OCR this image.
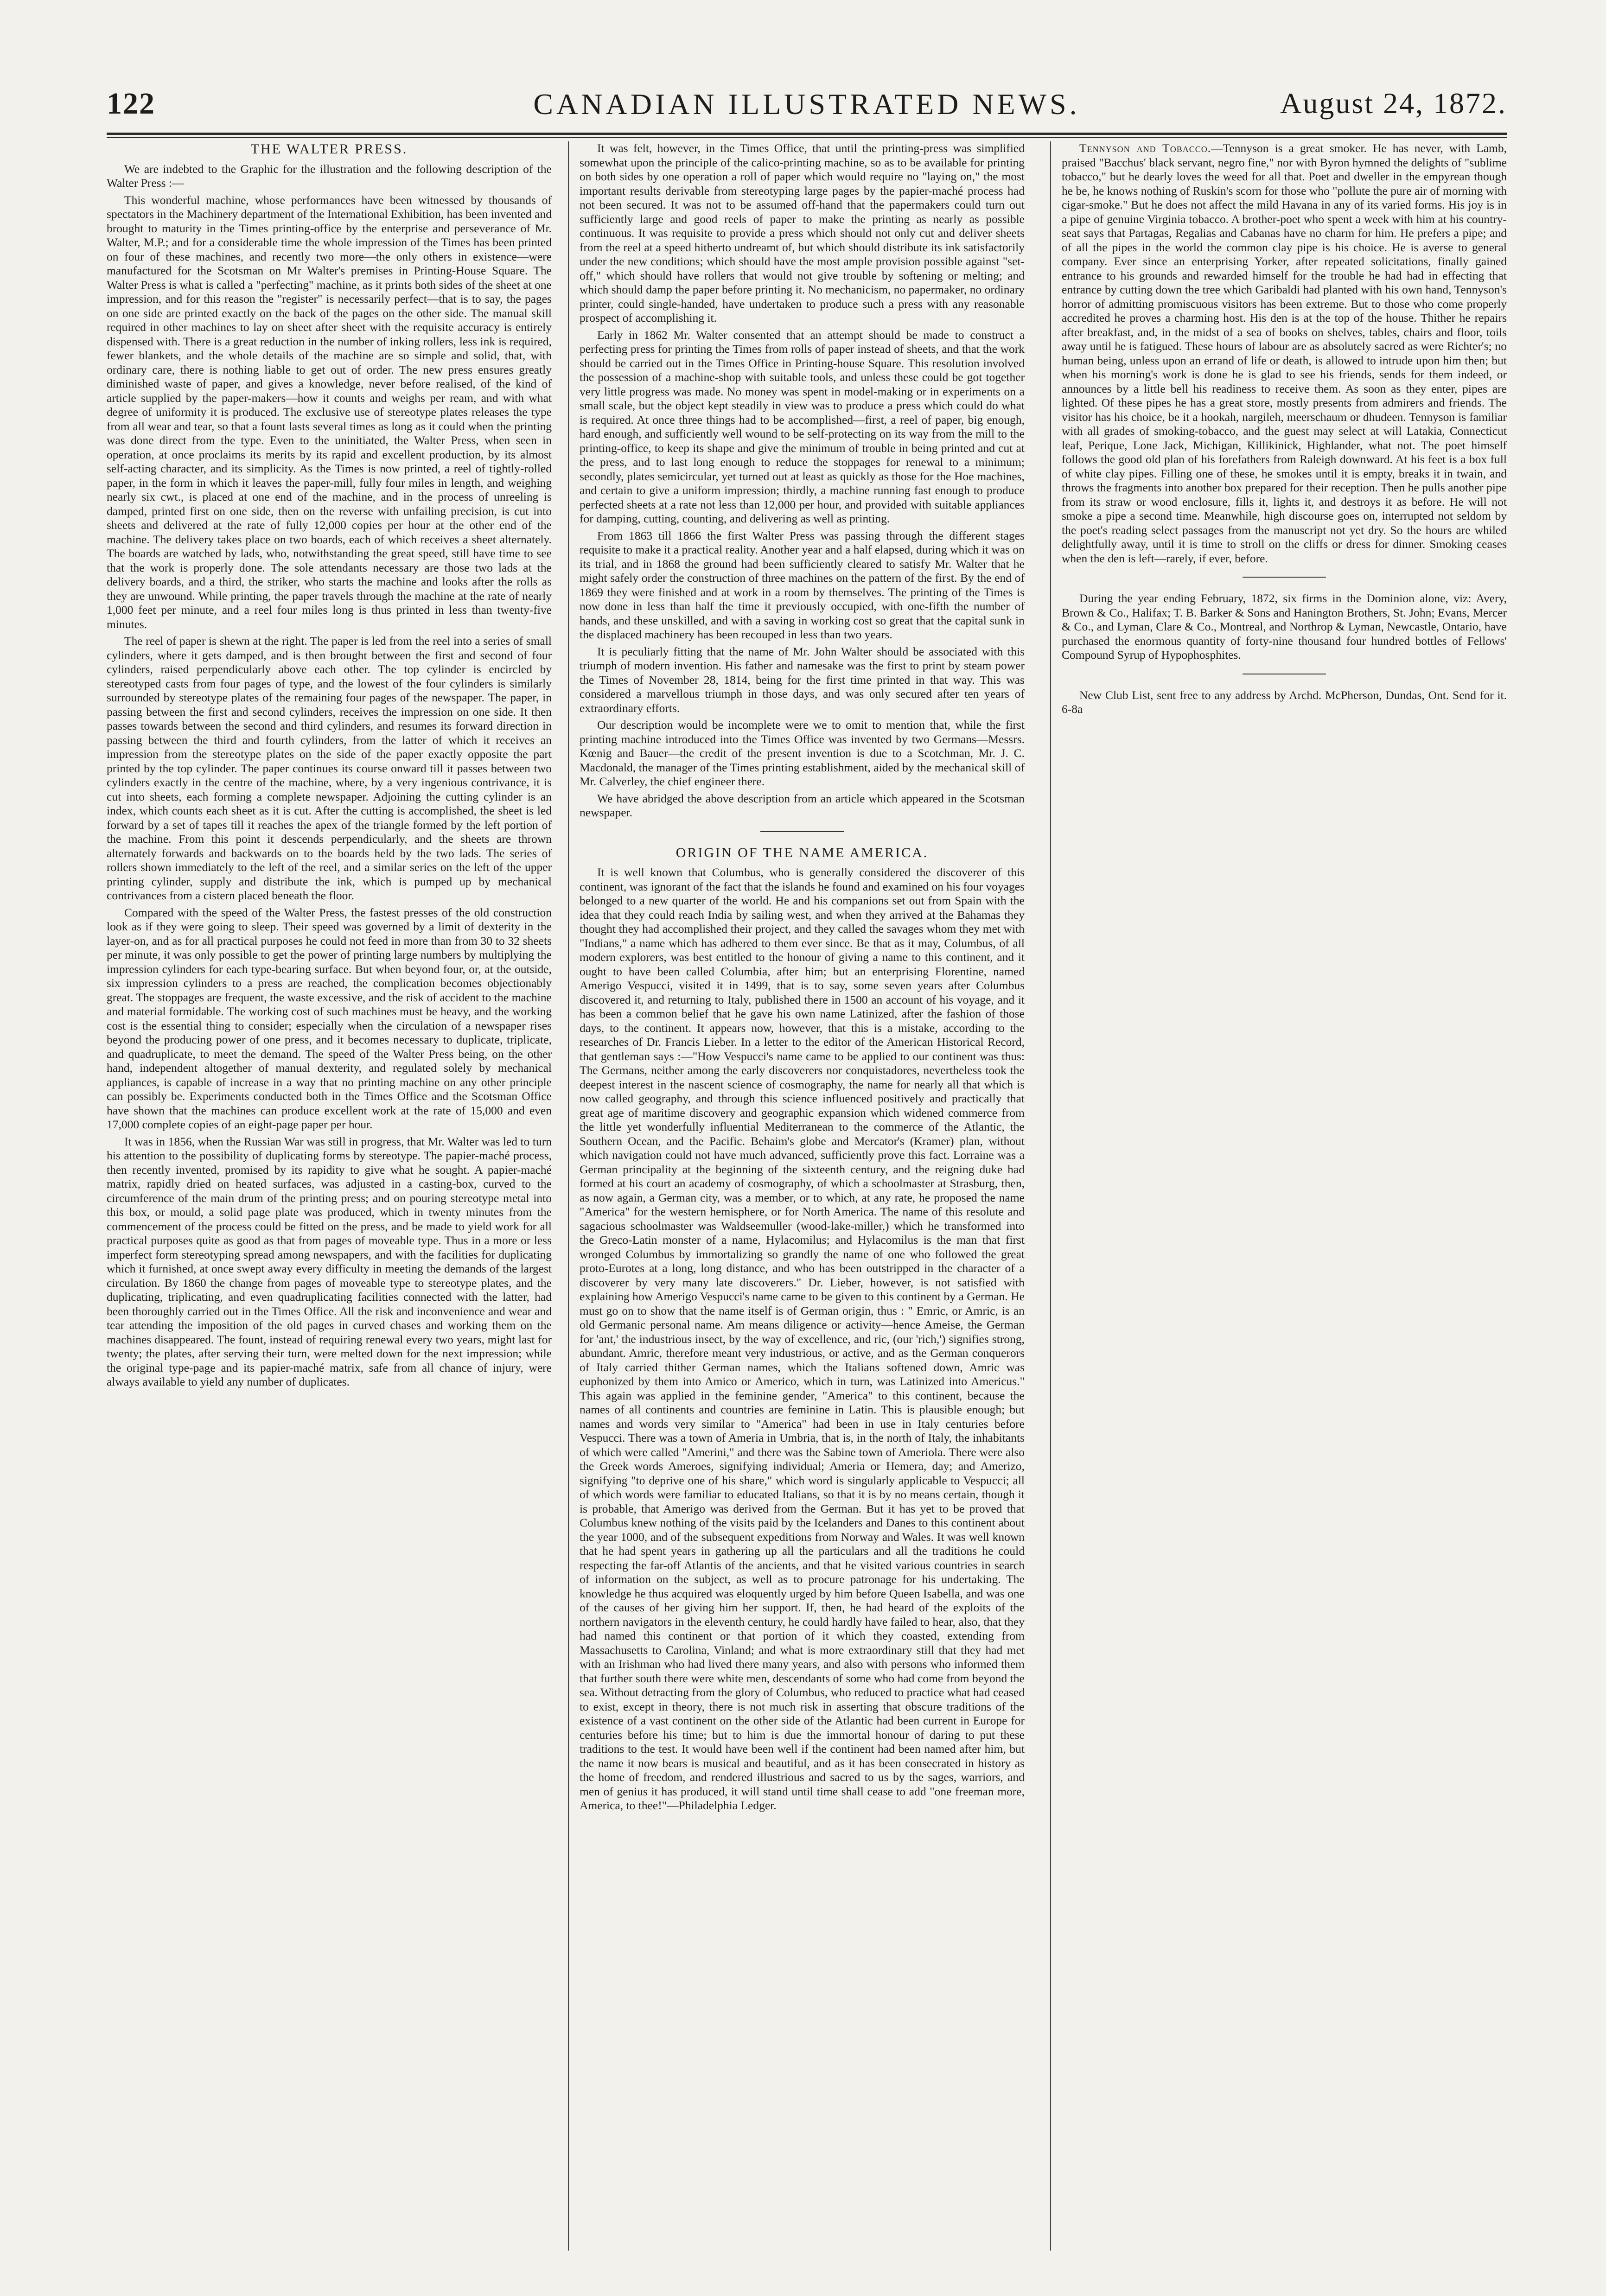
122	CANADIAN ILLUSTRATED NEWS.	August 24, 1872.
THE WALTER PRESS.

We are indebted to the Graphic for the illustration and the following description of the Walter Press :—

This wonderful machine, whose performances have been witnessed by thousands of spectators in the Machinery department of the International Exhibition, has been invented and brought to maturity in the Times printing-office by the enterprise and perseverance of Mr. Walter, M.P.; and for a considerable time the whole impression of the Times has been printed on four of these machines, and recently two more—the only others in existence—were manufactured for the Scotsman on Mr Walter's premises in Printing-House Square. The Walter Press is what is called a "perfecting" machine, as it prints both sides of the sheet at one impression, and for this reason the "register" is necessarily perfect—that is to say, the pages on one side are printed exactly on the back of the pages on the other side. The manual skill required in other machines to lay on sheet after sheet with the requisite accuracy is entirely dispensed with. There is a great reduction in the number of inking rollers, less ink is required, fewer blankets, and the whole details of the machine are so simple and solid, that, with ordinary care, there is nothing liable to get out of order. The new press ensures greatly diminished waste of paper, and gives a knowledge, never before realised, of the kind of article supplied by the paper-makers—how it counts and weighs per ream, and with what degree of uniformity it is produced. The exclusive use of stereotype plates releases the type from all wear and tear, so that a fount lasts several times as long as it could when the printing was done direct from the type. Even to the uninitiated, the Walter Press, when seen in operation, at once proclaims its merits by its rapid and excellent production, by its almost self-acting character, and its simplicity. As the Times is now printed, a reel of tightly-rolled paper, in the form in which it leaves the paper-mill, fully four miles in length, and weighing nearly six cwt., is placed at one end of the machine, and in the process of unreeling is damped, printed first on one side, then on the reverse with unfailing precision, is cut into sheets and delivered at the rate of fully 12,000 copies per hour at the other end of the machine. The delivery takes place on two boards, each of which receives a sheet alternately. The boards are watched by lads, who, notwithstanding the great speed, still have time to see that the work is properly done. The sole attendants necessary are those two lads at the delivery boards, and a third, the striker, who starts the machine and looks after the rolls as they are unwound. While printing, the paper travels through the machine at the rate of nearly 1,000 feet per minute, and a reel four miles long is thus printed in less than twenty-five minutes.

The reel of paper is shewn at the right. The paper is led from the reel into a series of small cylinders, where it gets damped, and is then brought between the first and second of four cylinders, raised perpendicularly above each other. The top cylinder is encircled by stereotyped casts from four pages of type, and the lowest of the four cylinders is similarly surrounded by stereotype plates of the remaining four pages of the newspaper. The paper, in passing between the first and second cylinders, receives the impression on one side. It then passes towards between the second and third cylinders, and resumes its forward direction in passing between the third and fourth cylinders, from the latter of which it receives an impression from the stereotype plates on the side of the paper exactly opposite the part printed by the top cylinder. The paper continues its course onward till it passes between two cylinders exactly in the centre of the machine, where, by a very ingenious contrivance, it is cut into sheets, each forming a complete newspaper. Adjoining the cutting cylinder is an index, which counts each sheet as it is cut. After the cutting is accomplished, the sheet is led forward by a set of tapes till it reaches the apex of the triangle formed by the left portion of the machine. From this point it descends perpendicularly, and the sheets are thrown alternately forwards and backwards on to the boards held by the two lads. The series of rollers shown immediately to the left of the reel, and a similar series on the left of the upper printing cylinder, supply and distribute the ink, which is pumped up by mechanical contrivances from a cistern placed beneath the floor.

Compared with the speed of the Walter Press, the fastest presses of the old construction look as if they were going to sleep. Their speed was governed by a limit of dexterity in the layer-on, and as for all practical purposes he could not feed in more than from 30 to 32 sheets per minute, it was only possible to get the power of printing large numbers by multiplying the impression cylinders for each type-bearing surface. But when beyond four, or, at the outside, six impression cylinders to a press are reached, the complication becomes objectionably great. The stoppages are frequent, the waste excessive, and the risk of accident to the machine and material formidable. The working cost of such machines must be heavy, and the working cost is the essential thing to consider; especially when the circulation of a newspaper rises beyond the producing power of one press, and it becomes necessary to duplicate, triplicate, and quadruplicate, to meet the demand. The speed of the Walter Press being, on the other hand, independent altogether of manual dexterity, and regulated solely by mechanical appliances, is capable of increase in a way that no printing machine on any other principle can possibly be. Experiments conducted both in the Times Office and the Scotsman Office have shown that the machines can produce excellent work at the rate of 15,000 and even 17,000 complete copies of an eight-page paper per hour.

It was in 1856, when the Russian War was still in progress, that Mr. Walter was led to turn his attention to the possibility of duplicating forms by stereotype. The papier-maché process, then recently invented, promised by its rapidity to give what he sought. A papier-maché matrix, rapidly dried on heated surfaces, was adjusted in a casting-box, curved to the circumference of the main drum of the printing press; and on pouring stereotype metal into this box, or mould, a solid page plate was produced, which in twenty minutes from the commencement of the process could be fitted on the press, and be made to yield work for all practical purposes quite as good as that from pages of moveable type. Thus in a more or less imperfect form stereotyping spread among newspapers, and with the facilities for duplicating which it furnished, at once swept away every difficulty in meeting the demands of the largest circulation. By 1860 the change from pages of moveable type to stereotype plates, and the duplicating, triplicating, and even quadruplicating facilities connected with the latter, had been thoroughly carried out in the Times Office. All the risk and inconvenience and wear and tear attending the imposition of the old pages in curved chases and working them on the machines disappeared. The fount, instead of requiring renewal every two years, might last for twenty; the plates, after serving their turn, were melted down for the next impression; while the original type-page and its papier-maché matrix, safe from all chance of injury, were always available to yield any number of duplicates.

It was felt, however, in the Times Office, that until the printing-press was simplified somewhat upon the principle of the calico-printing machine, so as to be available for printing on both sides by one operation a roll of paper which would require no "laying on," the most important results derivable from stereotyping large pages by the papier-maché process had not been secured. It was not to be assumed off-hand that the papermakers could turn out sufficiently large and good reels of paper to make the printing as nearly as possible continuous. It was requisite to provide a press which should not only cut and deliver sheets from the reel at a speed hitherto undreamt of, but which should distribute its ink satisfactorily under the new conditions; which should have the most ample provision possible against "set-off," which should have rollers that would not give trouble by softening or melting; and which should damp the paper before printing it. No mechanicism, no papermaker, no ordinary printer, could single-handed, have undertaken to produce such a press with any reasonable prospect of accomplishing it.

Early in 1862 Mr. Walter consented that an attempt should be made to construct a perfecting press for printing the Times from rolls of paper instead of sheets, and that the work should be carried out in the Times Office in Printing-house Square. This resolution involved the possession of a machine-shop with suitable tools, and unless these could be got together very little progress was made. No money was spent in model-making or in experiments on a small scale, but the object kept steadily in view was to produce a press which could do what is required. At once three things had to be accomplished—first, a reel of paper, big enough, hard enough, and sufficiently well wound to be self-protecting on its way from the mill to the printing-office, to keep its shape and give the minimum of trouble in being printed and cut at the press, and to last long enough to reduce the stoppages for renewal to a minimum; secondly, plates semicircular, yet turned out at least as quickly as those for the Hoe machines, and certain to give a uniform impression; thirdly, a machine running fast enough to produce perfected sheets at a rate not less than 12,000 per hour, and provided with suitable appliances for damping, cutting, counting, and delivering as well as printing.

From 1863 till 1866 the first Walter Press was passing through the different stages requisite to make it a practical reality. Another year and a half elapsed, during which it was on its trial, and in 1868 the ground had been sufficiently cleared to satisfy Mr. Walter that he might safely order the construction of three machines on the pattern of the first. By the end of 1869 they were finished and at work in a room by themselves. The printing of the Times is now done in less than half the time it previously occupied, with one-fifth the number of hands, and these unskilled, and with a saving in working cost so great that the capital sunk in the displaced machinery has been recouped in less than two years.

It is peculiarly fitting that the name of Mr. John Walter should be associated with this triumph of modern invention. His father and namesake was the first to print by steam power the Times of November 28, 1814, being for the first time printed in that way. This was considered a marvellous triumph in those days, and was only secured after ten years of extraordinary efforts.

Our description would be incomplete were we to omit to mention that, while the first printing machine introduced into the Times Office was invented by two Germans—Messrs. Kœnig and Bauer—the credit of the present invention is due to a Scotchman, Mr. J. C. Macdonald, the manager of the Times printing establishment, aided by the mechanical skill of Mr. Calverley, the chief engineer there.

We have abridged the above description from an article which appeared in the Scotsman newspaper.

ORIGIN OF THE NAME AMERICA.

It is well known that Columbus, who is generally considered the discoverer of this continent, was ignorant of the fact that the islands he found and examined on his four voyages belonged to a new quarter of the world. He and his companions set out from Spain with the idea that they could reach India by sailing west, and when they arrived at the Bahamas they thought they had accomplished their project, and they called the savages whom they met with "Indians," a name which has adhered to them ever since. Be that as it may, Columbus, of all modern explorers, was best entitled to the honour of giving a name to this continent, and it ought to have been called Columbia, after him; but an enterprising Florentine, named Amerigo Vespucci, visited it in 1499, that is to say, some seven years after Columbus discovered it, and returning to Italy, published there in 1500 an account of his voyage, and it has been a common belief that he gave his own name Latinized, after the fashion of those days, to the continent. It appears now, however, that this is a mistake, according to the researches of Dr. Francis Lieber. In a letter to the editor of the American Historical Record, that gentleman says :—"How Vespucci's name came to be applied to our continent was thus: The Germans, neither among the early discoverers nor conquistadores, nevertheless took the deepest interest in the nascent science of cosmography, the name for nearly all that which is now called geography, and through this science influenced positively and practically that great age of maritime discovery and geographic expansion which widened commerce from the little yet wonderfully influential Mediterranean to the commerce of the Atlantic, the Southern Ocean, and the Pacific. Behaim's globe and Mercator's (Kramer) plan, without which navigation could not have much advanced, sufficiently prove this fact. Lorraine was a German principality at the beginning of the sixteenth century, and the reigning duke had formed at his court an academy of cosmography, of which a schoolmaster at Strasburg, then, as now again, a German city, was a member, or to which, at any rate, he proposed the name "America" for the western hemisphere, or for North America. The name of this resolute and sagacious schoolmaster was Waldseemuller (wood-lake-miller,) which he transformed into the Greco-Latin monster of a name, Hylacomilus; and Hylacomilus is the man that first wronged Columbus by immortalizing so grandly the name of one who followed the great proto-Eurotes at a long, long distance, and who has been outstripped in the character of a discoverer by very many late discoverers." Dr. Lieber, however, is not satisfied with explaining how Amerigo Vespucci's name came to be given to this continent by a German. He must go on to show that the name itself is of German origin, thus : " Emric, or Amric, is an old Germanic personal name. Am means diligence or activity—hence Ameise, the German for 'ant,' the industrious insect, by the way of excellence, and ric, (our 'rich,') signifies strong, abundant. Amric, therefore meant very industrious, or active, and as the German conquerors of Italy carried thither German names, which the Italians softened down, Amric was euphonized by them into Amico or Americo, which in turn, was Latinized into Americus." This again was applied in the feminine gender, "America" to this continent, because the names of all continents and countries are feminine in Latin. This is plausible enough; but names and words very similar to "America" had been in use in Italy centuries before Vespucci. There was a town of Ameria in Umbria, that is, in the north of Italy, the inhabitants of which were called "Amerini," and there was the Sabine town of Ameriola. There were also the Greek words Ameroes, signifying individual; Ameria or Hemera, day; and Amerizo, signifying "to deprive one of his share," which word is singularly applicable to Vespucci; all of which words were familiar to educated Italians, so that it is by no means certain, though it is probable, that Amerigo was derived from the German. But it has yet to be proved that Columbus knew nothing of the visits paid by the Icelanders and Danes to this continent about the year 1000, and of the subsequent expeditions from Norway and Wales. It was well known that he had spent years in gathering up all the particulars and all the traditions he could respecting the far-off Atlantis of the ancients, and that he visited various countries in search of information on the subject, as well as to procure patronage for his undertaking. The knowledge he thus acquired was eloquently urged by him before Queen Isabella, and was one of the causes of her giving him her support. If, then, he had heard of the exploits of the northern navigators in the eleventh century, he could hardly have failed to hear, also, that they had named this continent or that portion of it which they coasted, extending from Massachusetts to Carolina, Vinland; and what is more extraordinary still that they had met with an Irishman who had lived there many years, and also with persons who informed them that further south there were white men, descendants of some who had come from beyond the sea. Without detracting from the glory of Columbus, who reduced to practice what had ceased to exist, except in theory, there is not much risk in asserting that obscure traditions of the existence of a vast continent on the other side of the Atlantic had been current in Europe for centuries before his time; but to him is due the immortal honour of daring to put these traditions to the test. It would have been well if the continent had been named after him, but the name it now bears is musical and beautiful, and as it has been consecrated in history as the home of freedom, and rendered illustrious and sacred to us by the sages, warriors, and men of genius it has produced, it will stand until time shall cease to add "one freeman more, America, to thee!"—Philadelphia Ledger.

Tennyson and Tobacco.—Tennyson is a great smoker. He has never, with Lamb, praised "Bacchus' black servant, negro fine," nor with Byron hymned the delights of "sublime tobacco," but he dearly loves the weed for all that. Poet and dweller in the empyrean though he be, he knows nothing of Ruskin's scorn for those who "pollute the pure air of morning with cigar-smoke." But he does not affect the mild Havana in any of its varied forms. His joy is in a pipe of genuine Virginia tobacco. A brother-poet who spent a week with him at his country-seat says that Partagas, Regalias and Cabanas have no charm for him. He prefers a pipe; and of all the pipes in the world the common clay pipe is his choice. He is averse to general company. Ever since an enterprising Yorker, after repeated solicitations, finally gained entrance to his grounds and rewarded himself for the trouble he had had in effecting that entrance by cutting down the tree which Garibaldi had planted with his own hand, Tennyson's horror of admitting promiscuous visitors has been extreme. But to those who come properly accredited he proves a charming host. His den is at the top of the house. Thither he repairs after breakfast, and, in the midst of a sea of books on shelves, tables, chairs and floor, toils away until he is fatigued. These hours of labour are as absolutely sacred as were Richter's; no human being, unless upon an errand of life or death, is allowed to intrude upon him then; but when his morning's work is done he is glad to see his friends, sends for them indeed, or announces by a little bell his readiness to receive them. As soon as they enter, pipes are lighted. Of these pipes he has a great store, mostly presents from admirers and friends. The visitor has his choice, be it a hookah, nargileh, meerschaum or dhudeen. Tennyson is familiar with all grades of smoking-tobacco, and the guest may select at will Latakia, Connecticut leaf, Perique, Lone Jack, Michigan, Killikinick, Highlander, what not. The poet himself follows the good old plan of his forefathers from Raleigh downward. At his feet is a box full of white clay pipes. Filling one of these, he smokes until it is empty, breaks it in twain, and throws the fragments into another box prepared for their reception. Then he pulls another pipe from its straw or wood enclosure, fills it, lights it, and destroys it as before. He will not smoke a pipe a second time. Meanwhile, high discourse goes on, interrupted not seldom by the poet's reading select passages from the manuscript not yet dry. So the hours are whiled delightfully away, until it is time to stroll on the cliffs or dress for dinner. Smoking ceases when the den is left—rarely, if ever, before.

During the year ending February, 1872, six firms in the Dominion alone, viz: Avery, Brown & Co., Halifax; T. B. Barker & Sons and Hanington Brothers, St. John; Evans, Mercer & Co., and Lyman, Clare & Co., Montreal, and Northrop & Lyman, Newcastle, Ontario, have purchased the enormous quantity of forty-nine thousand four hundred bottles of Fellows' Compound Syrup of Hypophosphites.

New Club List, sent free to any address by Archd. McPherson, Dundas, Ont. Send for it. 6-8a
